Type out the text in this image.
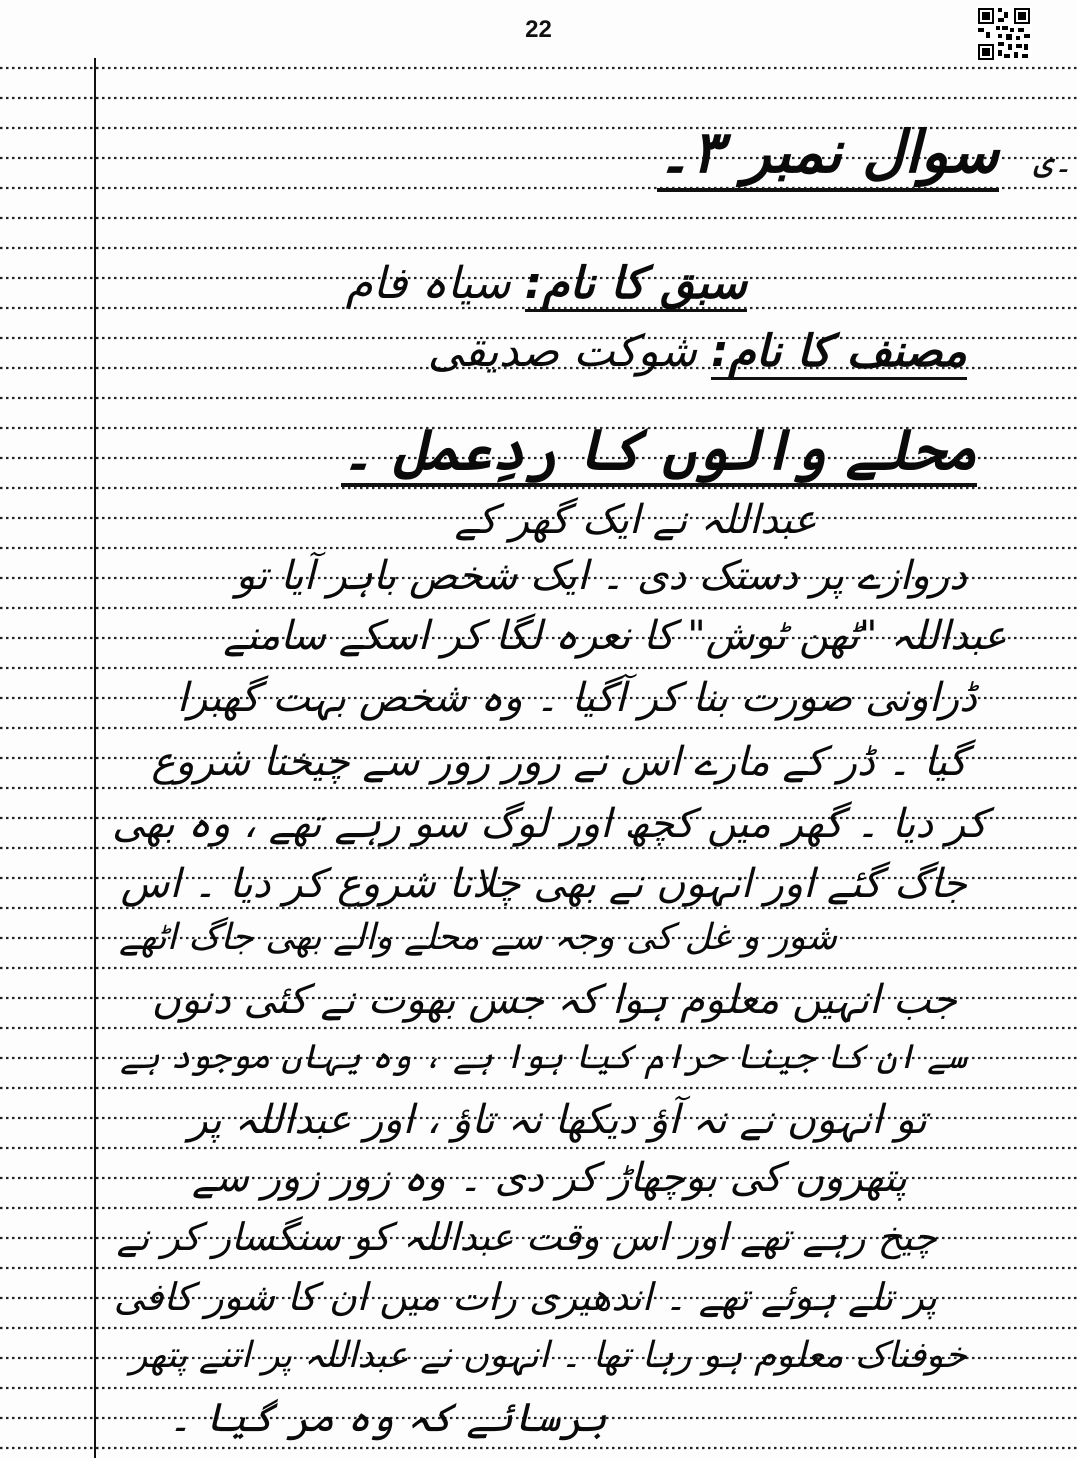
22
۔ی
سوال نمبر ۳۔
سبق کا نام: سیاہ فام
مصنف کا نام: شوکت صدیقی
محلے والوں کا ردِعمل ۔
عبداللہ نے ایک گھر کے
دروازے پر دستک دی ۔ ایک شخص باہر آیا تو
عبداللہ "ٹھن ٹوش" کا نعرہ لگا کر اسکے سامنے
ڈراونی صورت بنا کر آگیا ۔ وہ شخص بہت گھبرا
گیا ۔ ڈر کے مارے اس نے زور زور سے چیخنا شروع
کر دیا ۔ گھر میں کچھ اور لوگ سو رہے تھے ، وہ بھی
جاگ گئے اور انہوں نے بھی چلانا شروع کر دیا ۔ اس
شور و غل کی وجہ سے محلے والے بھی جاگ اٹھے
جب انہیں معلوم ہوا کہ جس بھوت نے کئی دنوں
سے ان کا جینا حرام کیا ہوا ہے ، وہ یہاں موجود ہے
تو انہوں نے نہ آؤ دیکھا نہ تاؤ ، اور عبداللہ پر
پتھروں کی بوچھاڑ کر دی ۔ وہ زور زور سے
چیخ رہے تھے اور اس وقت عبداللہ کو سنگسار کر نے
پر تلے ہوئے تھے ۔ اندھیری رات میں ان کا شور کافی
خوفناک معلوم ہو رہا تھا ۔ انہوں نے عبداللہ پر اتنے پتھر
برسائے کہ وہ مر گیا ۔
